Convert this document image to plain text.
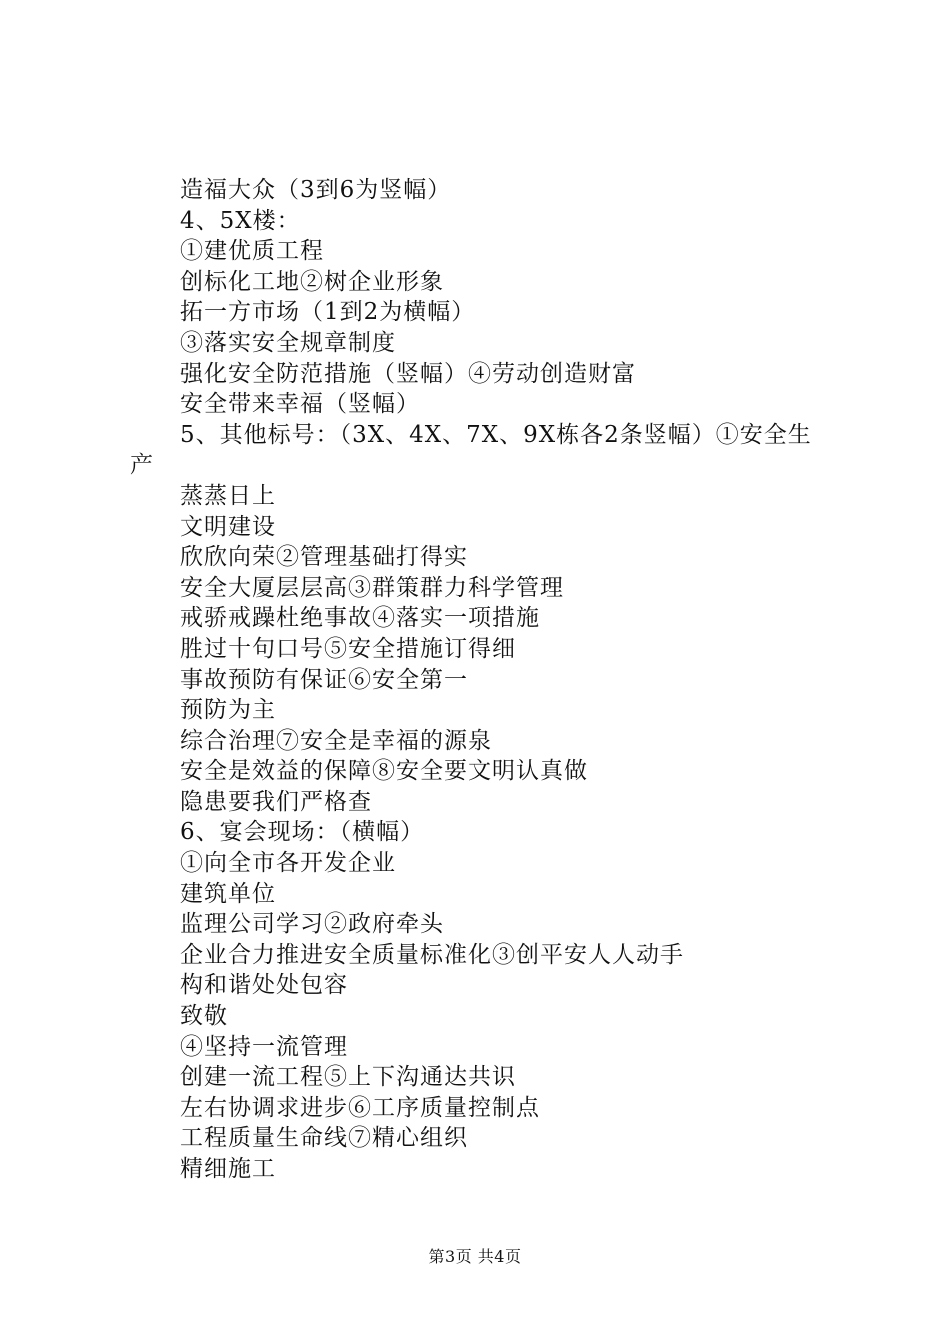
造福大众（3到6为竖幅）
4、5X楼：
①建优质工程
创标化工地②树企业形象
拓一方市场（1到2为横幅）
③落实安全规章制度
强化安全防范措施（竖幅）④劳动创造财富
安全带来幸福（竖幅）
5、其他标号：（3X、4X、7X、9X栋各2条竖幅）①安全生
产
蒸蒸日上
文明建设
欣欣向荣②管理基础打得实
安全大厦层层高③群策群力科学管理
戒骄戒躁杜绝事故④落实一项措施
胜过十句口号⑤安全措施订得细
事故预防有保证⑥安全第一
预防为主
综合治理⑦安全是幸福的源泉
安全是效益的保障⑧安全要文明认真做
隐患要我们严格查
6、宴会现场：（横幅）
①向全市各开发企业
建筑单位
监理公司学习②政府牵头
企业合力推进安全质量标准化③创平安人人动手
构和谐处处包容
致敬
④坚持一流管理
创建一流工程⑤上下沟通达共识
左右协调求进步⑥工序质量控制点
工程质量生命线⑦精心组织
精细施工
第3页 共4页
